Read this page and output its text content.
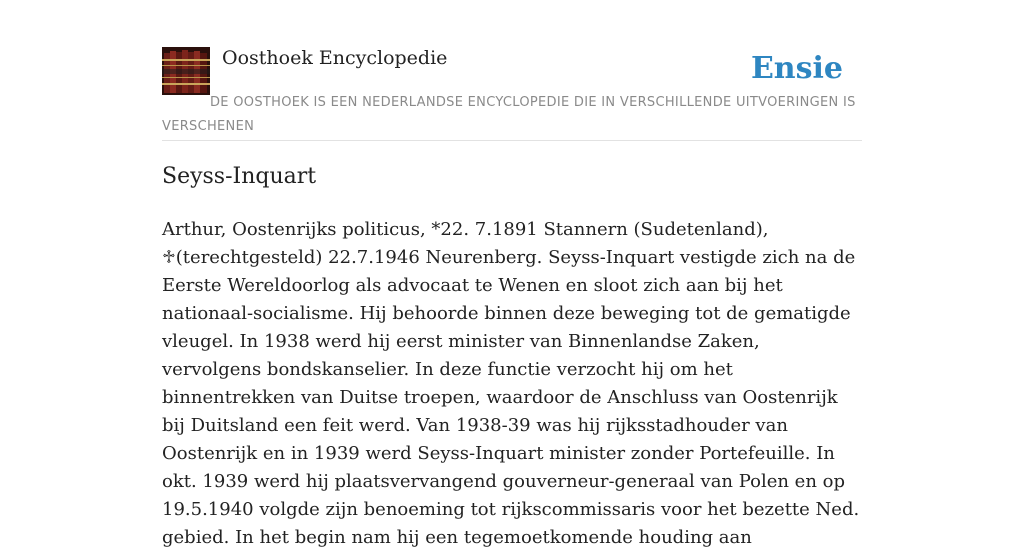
Oosthoek Encyclopedie	Ensie
DE OOSTHOEK IS EEN NEDERLANDSE ENCYCLOPEDIE DIE IN VERSCHILLENDE UITVOERINGEN IS VERSCHENEN
Seyss-Inquart

Arthur, Oostenrijks politicus, *22. 7.1891 Stannern (Sudetenland), ♱(terechtgesteld) 22.7.1946 Neurenberg. Seyss-Inquart vestigde zich na de Eerste Wereldoorlog als advocaat te Wenen en sloot zich aan bij het nationaal-socialisme. Hij behoorde binnen deze beweging tot de gematigde vleugel. In 1938 werd hij eerst minister van Binnenlandse Zaken, vervolgens bondskanselier. In deze functie verzocht hij om het binnentrekken van Duitse troepen, waardoor de Anschluss van Oostenrijk bij Duitsland een feit werd. Van 1938-39 was hij rijksstadhouder van Oostenrijk en in 1939 werd Seyss-Inquart minister zonder Portefeuille. In okt. 1939 werd hij plaatsvervangend gouverneur-generaal van Polen en op 19.5.1940 volgde zijn benoeming tot rijkscommissaris voor het bezette Ned. gebied. In het begin nam hij een tegemoetkomende houding aan
